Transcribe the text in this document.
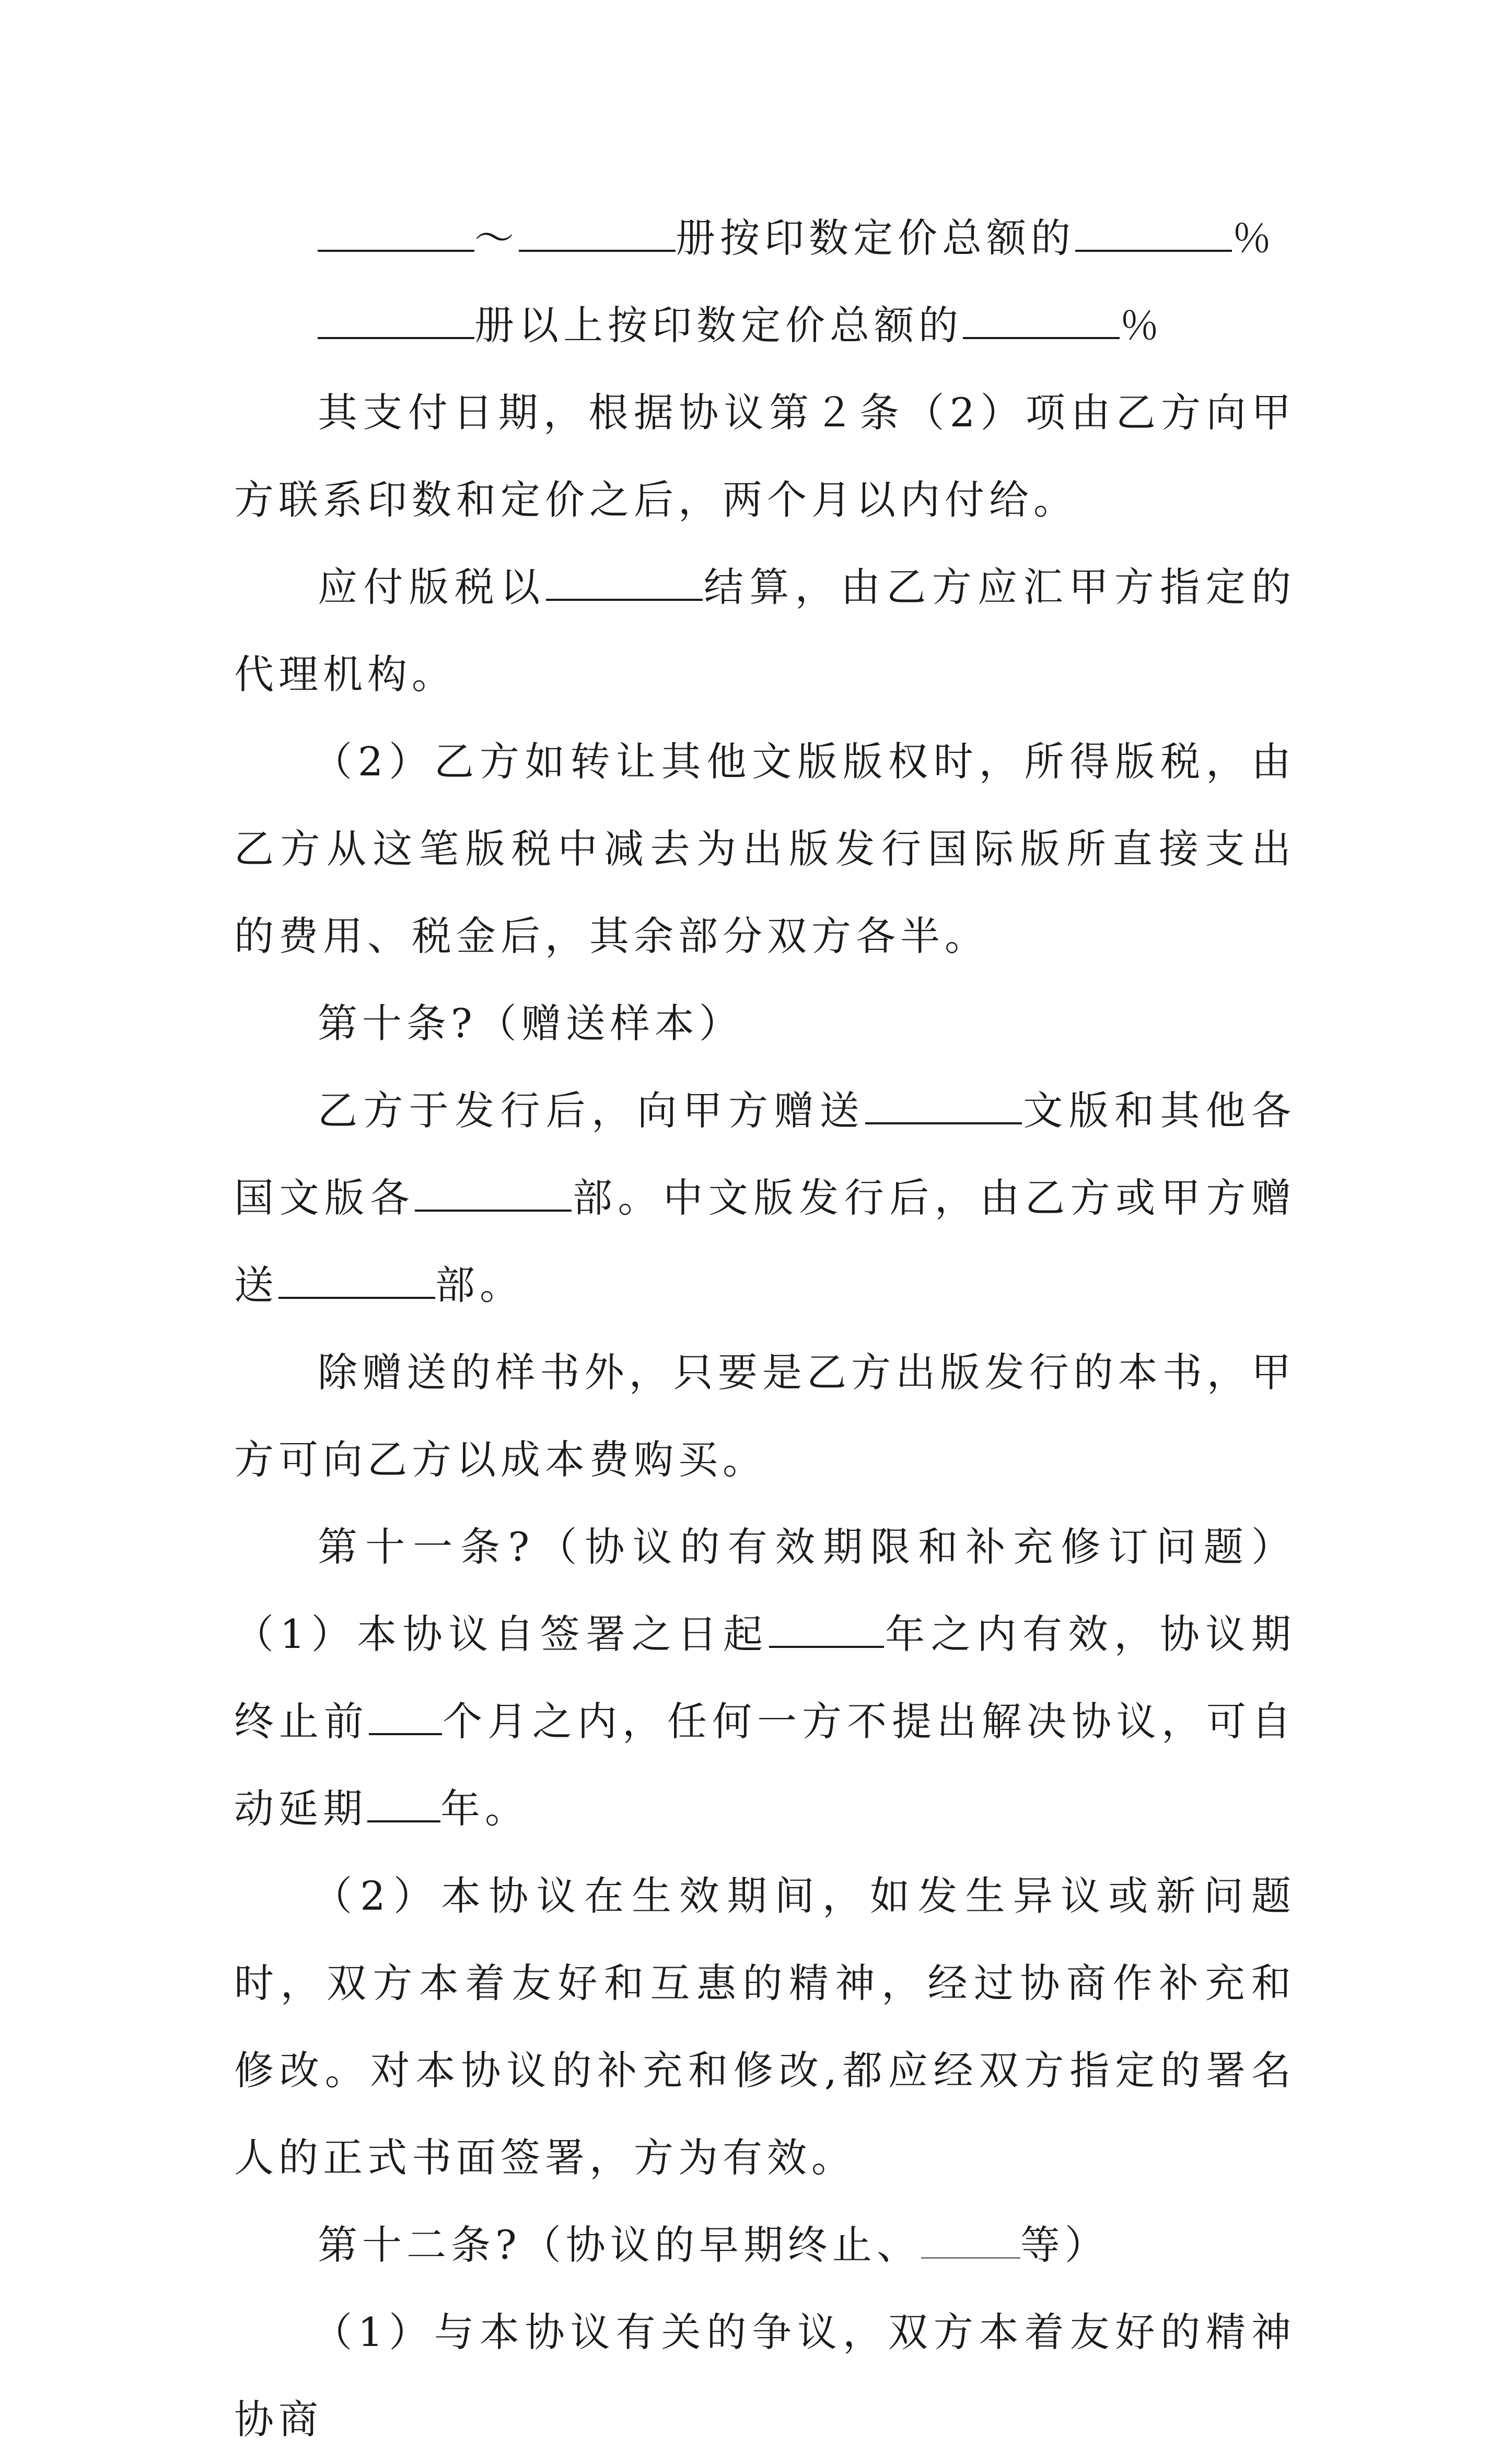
～	册按印数定价总额的	％

册以上按印数定价总额的	％

其支付日期，根据协议第２条（2）项由乙方向甲方联系印数和定价之后，两个月以内付给。

应付版税以	结算，由乙方应汇甲方指定的代理机构。

（2）乙方如转让其他文版版权时，所得版税，由乙方从这笔版税中减去为出版发行国际版所直接支出的费用、税金后，其余部分双方各半。

第十条?（赠送样本）

乙方于发行后，向甲方赠送	文版和其他各国文版各	部。中文版发行后，由乙方或甲方赠送	部。

除赠送的样书外，只要是乙方出版发行的本书，甲方可向乙方以成本费购买。

第十一条?（协议的有效期限和补充修订问题）（1）本协议自签署之日起	年之内有效，协议期终止前 个月之内，任何一方不提出解决协议，可自动延期 年。

（2）本协议在生效期间，如发生异议或新问题时，双方本着友好和互惠的精神，经过协商作补充和修改。对本协议的补充和修改,都应经双方指定的署名人的正式书面签署，方为有效。

第十二条?（协议的早期终止、	等）

（1）与本协议有关的争议，双方本着友好的精神协商
